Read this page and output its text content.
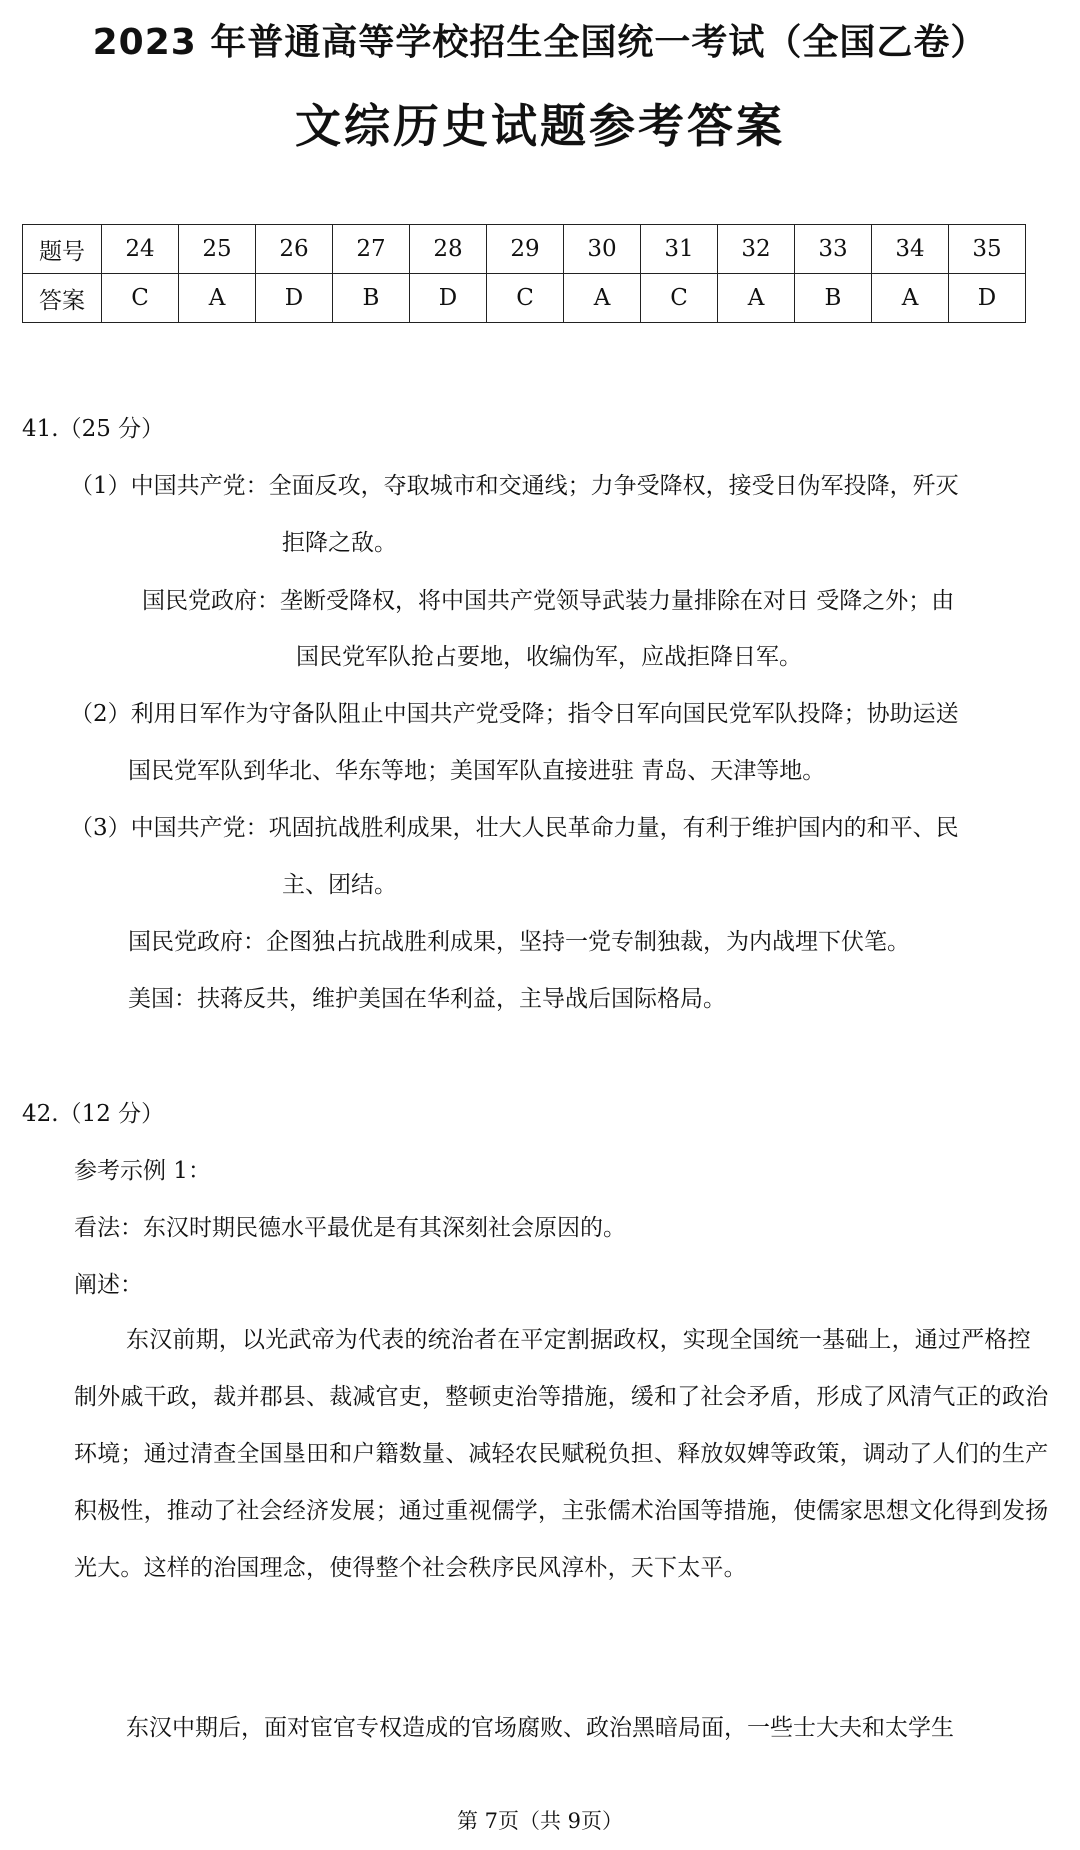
2023 年普通高等学校招生全国统一考试（全国乙卷）
文综历史试题参考答案
题号	24	25	26	27	28	29	30	31	32	33	34	35
答案	C	A	D	B	D	C	A	C	A	B	A	D
41.（25 分）
（1）中国共产党：全面反攻，夺取城市和交通线；力争受降权，接受日伪军投降，歼灭
拒降之敌。
国民党政府：垄断受降权，将中国共产党领导武装力量排除在对日 受降之外；由
国民党军队抢占要地，收编伪军，应战拒降日军。
（2）利用日军作为守备队阻止中国共产党受降；指令日军向国民党军队投降；协助运送
国民党军队到华北、华东等地；美国军队直接进驻 青岛、天津等地。
（3）中国共产党：巩固抗战胜利成果，壮大人民革命力量，有利于维护国内的和平、民
主、团结。
国民党政府：企图独占抗战胜利成果，坚持一党专制独裁，为内战埋下伏笔。
美国：扶蒋反共，维护美国在华利益，主导战后国际格局。
42.（12 分）
参考示例 1：
看法：东汉时期民德水平最优是有其深刻社会原因的。
阐述：
东汉前期，以光武帝为代表的统治者在平定割据政权，实现全国统一基础上，通过严格控制外戚干政，裁并郡县、裁减官吏，整顿吏治等措施，缓和了社会矛盾，形成了风清气正的政治环境；通过清查全国垦田和户籍数量、减轻农民赋税负担、释放奴婢等政策，调动了人们的生产积极性，推动了社会经济发展；通过重视儒学，主张儒术治国等措施，使儒家思想文化得到发扬光大。这样的治国理念，使得整个社会秩序民风淳朴，天下太平。
东汉中期后，面对宦官专权造成的官场腐败、政治黑暗局面，一些士大夫和太学生
第 7页（共 9页）
